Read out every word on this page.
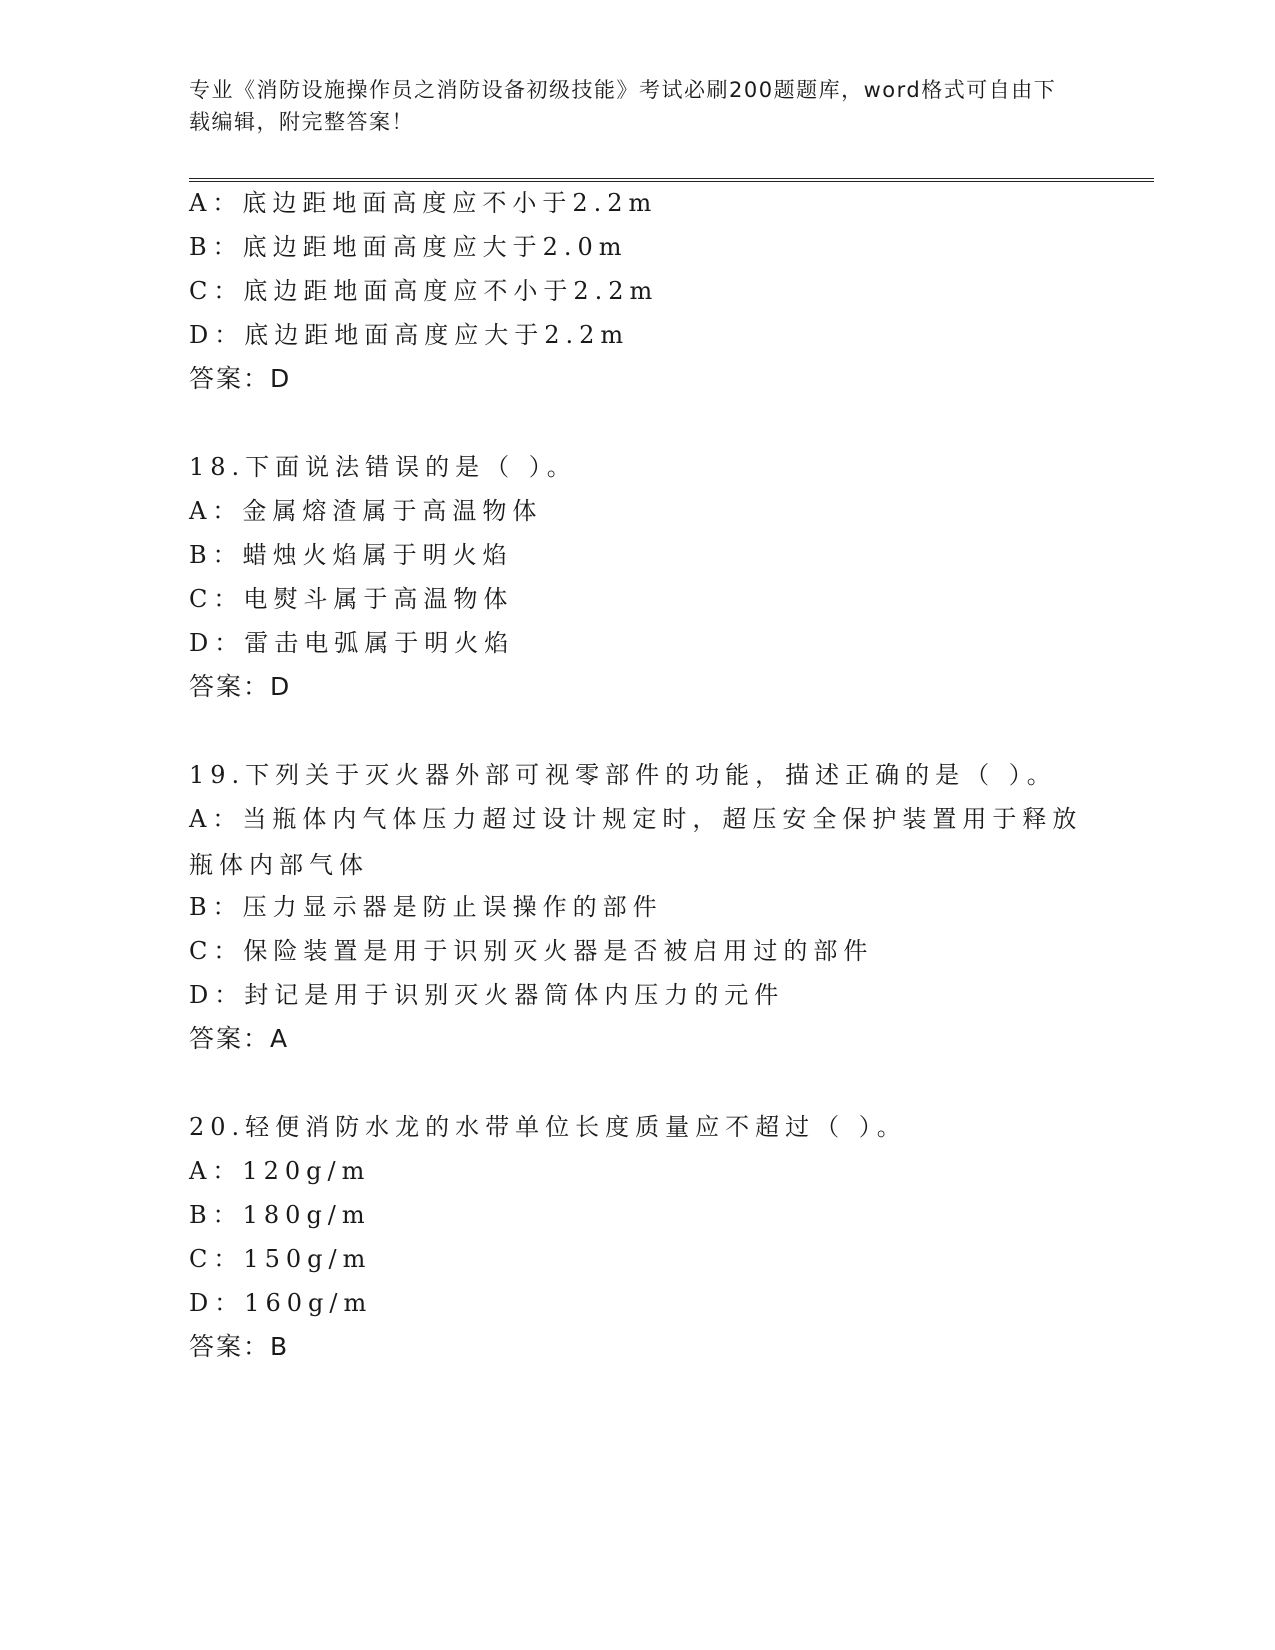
专业《消防设施操作员之消防设备初级技能》考试必刷200题题库，word格式可自由下载编辑，附完整答案！
A：底边距地面高度应不小于2.2m
B：底边距地面高度应大于2.0m
C：底边距地面高度应不小于2.2m
D：底边距地面高度应大于2.2m
答案：D
18.下面说法错误的是（ ）。
A：金属熔渣属于高温物体
B：蜡烛火焰属于明火焰
C：电熨斗属于高温物体
D：雷击电弧属于明火焰
答案：D
19.下列关于灭火器外部可视零部件的功能，描述正确的是（ ）。
A：当瓶体内气体压力超过设计规定时，超压安全保护装置用于释放瓶体内部气体
B：压力显示器是防止误操作的部件
C：保险装置是用于识别灭火器是否被启用过的部件
D：封记是用于识别灭火器筒体内压力的元件
答案：A
20.轻便消防水龙的水带单位长度质量应不超过（ ）。
A：120g/m
B：180g/m
C：150g/m
D：160g/m
答案：B
